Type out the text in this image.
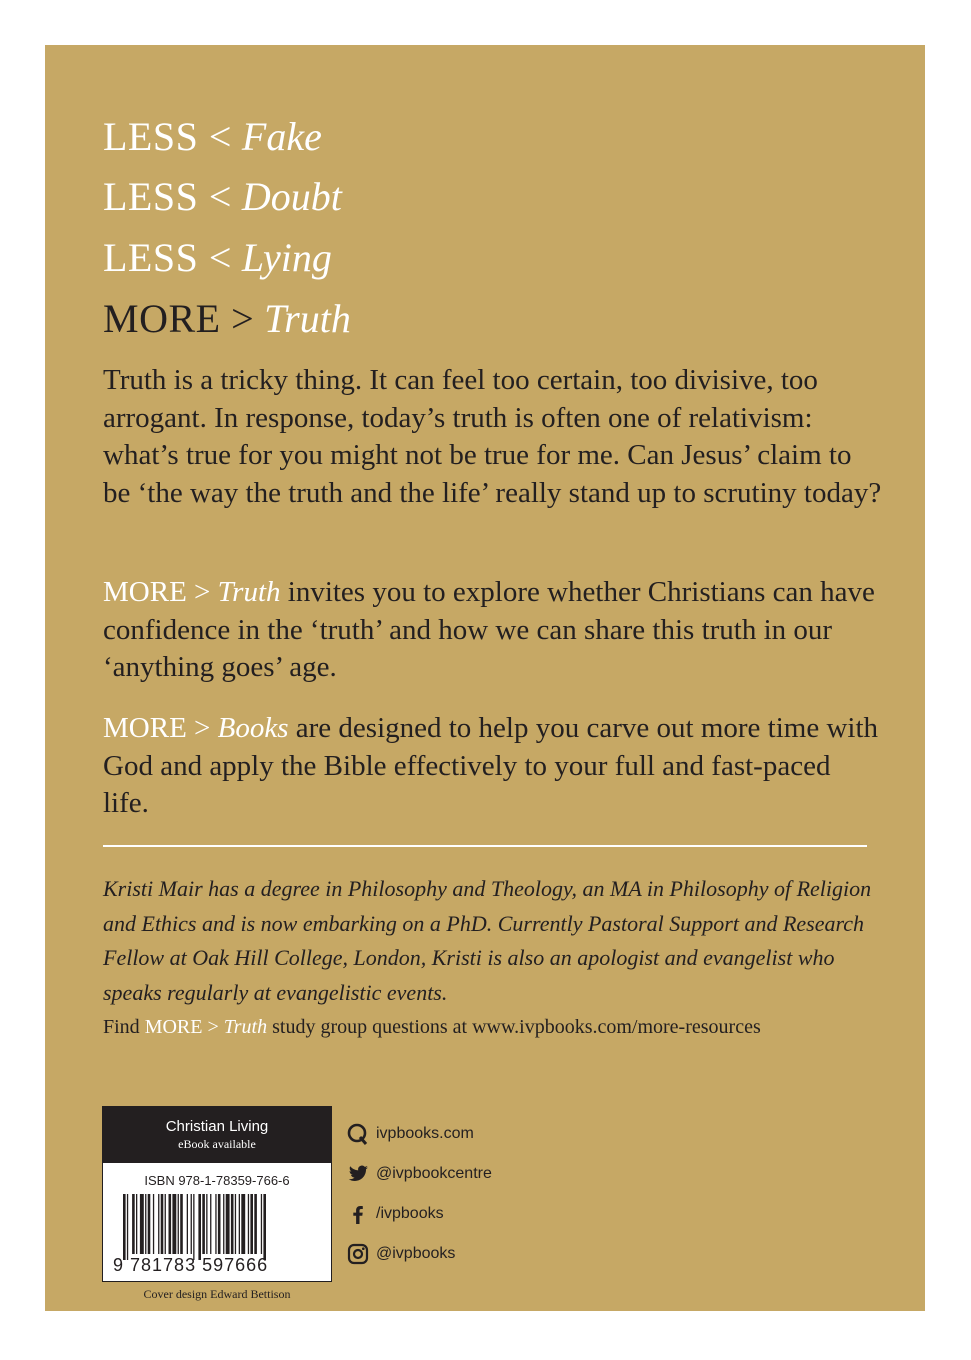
LESS < Fake
LESS < Doubt
LESS < Lying
MORE > Truth
Truth is a tricky thing. It can feel too certain, too divisive, too arrogant. In response, today’s truth is often one of relativism: what’s true for you might not be true for me. Can Jesus’ claim to be ‘the way the truth and the life’ really stand up to scrutiny today?
MORE > Truth invites you to explore whether Christians can have confidence in the ‘truth’ and how we can share this truth in our ‘anything goes’ age.
MORE > Books are designed to help you carve out more time with God and apply the Bible effectively to your full and fast-paced life.
Kristi Mair has a degree in Philosophy and Theology, an MA in Philosophy of Religion and Ethics and is now embarking on a PhD. Currently Pastoral Support and Research Fellow at Oak Hill College, London, Kristi is also an apologist and evangelist who speaks regularly at evangelistic events.
Find MORE > Truth study group questions at www.ivpbooks.com/more-resources
Christian Living
eBook available
ISBN 978-1-78359-766-6
9 781783 597666
Cover design Edward Bettison
ivpbooks.com
@ivpbookcentre
/ivpbooks
@ivpbooks
